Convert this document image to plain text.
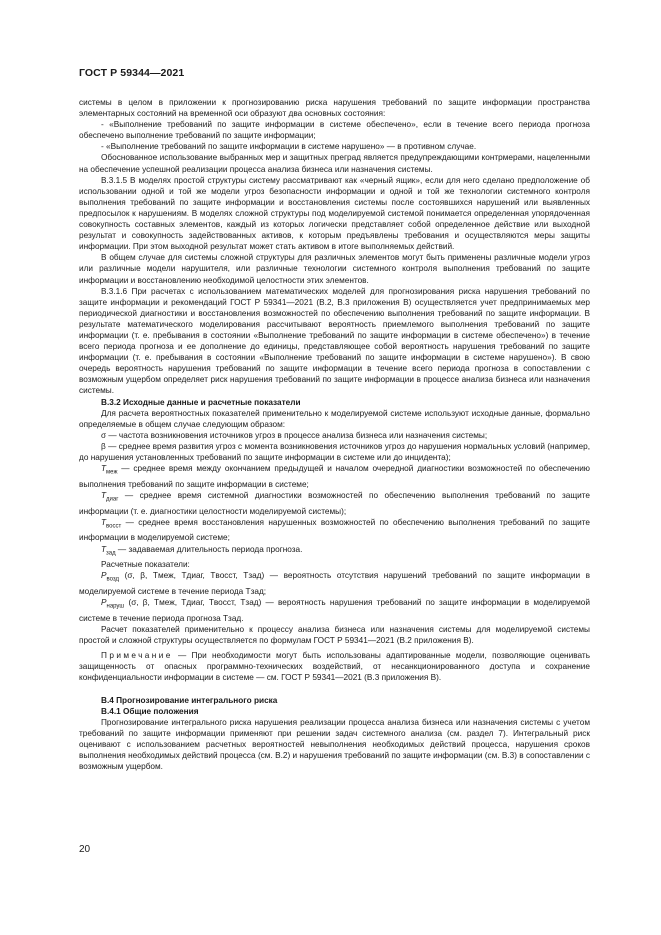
ГОСТ Р 59344—2021

системы в целом в приложении к прогнозированию риска нарушения требований по защите информации пространства элементарных состояний на временной оси образуют два основных состояния:

- «Выполнение требований по защите информации в системе обеспечено», если в течение всего периода прогноза обеспечено выполнение требований по защите информации;

- «Выполнение требований по защите информации в системе нарушено» — в противном случае.

Обоснованное использование выбранных мер и защитных преград является предупреждающими контрмерами, нацеленными на обеспечение успешной реализации процесса анализа бизнеса или назначения системы.

В.3.1.5 В моделях простой структуры систему рассматривают как «черный ящик», если для него сделано предположение об использовании одной и той же модели угроз безопасности информации и одной и той же технологии системного контроля выполнения требований по защите информации и восстановления системы после состоявшихся нарушений или выявленных предпосылок к нарушениям. В моделях сложной структуры под моделируемой системой понимается определенная упорядоченная совокупность составных элементов, каждый из которых логически представляет собой определенное действие или выходной результат и совокупность задействованных активов, к которым предъявлены требования и осуществляются меры защиты информации. При этом выходной результат может стать активом в итоге выполняемых действий.

В общем случае для системы сложной структуры для различных элементов могут быть применены различные модели угроз или различные модели нарушителя, или различные технологии системного контроля выполнения требований по защите информации и восстановлению необходимой целостности этих элементов.

В.3.1.6 При расчетах с использованием математических моделей для прогнозирования риска нарушения требований по защите информации и рекомендаций ГОСТ Р 59341—2021 (В.2, В.3 приложения В) осуществляется учет предпринимаемых мер периодической диагностики и восстановления возможностей по обеспечению выполнения требований по защите информации. В результате математического моделирования рассчитывают вероятность приемлемого выполнения требований по защите информации (т. е. пребывания в состоянии «Выполнение требований по защите информации в системе обеспечено») в течение всего периода прогноза и ее дополнение до единицы, представляющее собой вероятность нарушения требований по защите информации (т. е. пребывания в состоянии «Выполнение требований по защите информации в системе нарушено»). В свою очередь вероятность нарушения требований по защите информации в течение всего периода прогноза в сопоставлении с возможным ущербом определяет риск нарушения требований по защите информации в процессе анализа бизнеса или назначения системы.

В.3.2 Исходные данные и расчетные показатели

Для расчета вероятностных показателей применительно к моделируемой системе используют исходные данные, формально определяемые в общем случае следующим образом:

σ — частота возникновения источников угроз в процессе анализа бизнеса или назначения системы;

β — среднее время развития угроз с момента возникновения источников угроз до нарушения нормальных условий (например, до нарушения установленных требований по защите информации в системе или до инцидента);

$T_{меж}$ — среднее время между окончанием предыдущей и началом очередной диагностики возможностей по обеспечению выполнения требований по защите информации в системе;

$T_{диаг}$ — среднее время системной диагностики возможностей по обеспечению выполнения требований по защите информации (т. е. диагностики целостности моделируемой системы);

$T_{восст}$ — среднее время восстановления нарушенных возможностей по обеспечению выполнения требований по защите информации в моделируемой системе;

$T_{зад}$ — задаваемая длительность периода прогноза.

Расчетные показатели:

$P_{возд}$ (σ, β, Tмеж, Tдиаг, Tвосст, Tзад) — вероятность отсутствия нарушений требований по защите информации в моделируемой системе в течение периода Tзад;

$P_{наруш}$ (σ, β, Tмеж, Tдиаг, Tвосст, Tзад) — вероятность нарушения требований по защите информации в моделируемой системе в течение периода прогноза Tзад.

Расчет показателей применительно к процессу анализа бизнеса или назначения системы для моделируемой системы простой и сложной структуры осуществляется по формулам ГОСТ Р 59341—2021 (В.2 приложения В).

Примечание — При необходимости могут быть использованы адаптированные модели, позволяющие оценивать защищенность от опасных программно-технических воздействий, от несанкционированного доступа и сохранение конфиденциальности информации в системе — см. ГОСТ Р 59341—2021 (В.3 приложения В).

В.4 Прогнозирование интегрального риска

В.4.1 Общие положения

Прогнозирование интегрального риска нарушения реализации процесса анализа бизнеса или назначения системы с учетом требований по защите информации применяют при решении задач системного анализа (см. раздел 7). Интегральный риск оценивают с использованием расчетных вероятностей невыполнения необходимых действий процесса, нарушения сроков выполнения необходимых действий процесса (см. В.2) и нарушения требований по защите информации (см. В.3) в сопоставлении с возможным ущербом.

20
